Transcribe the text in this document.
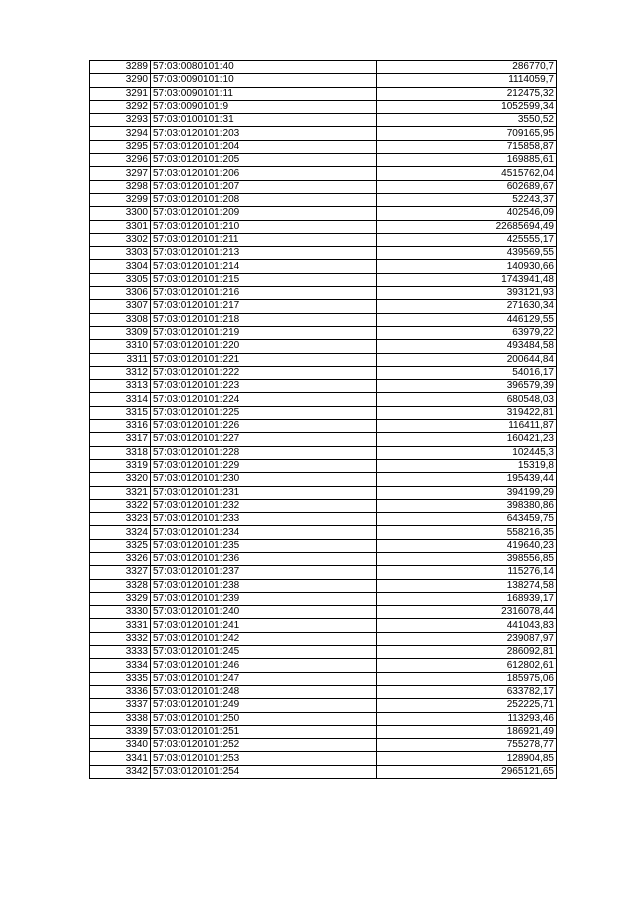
3289	57:03:0080101:40	286770,7
3290	57:03:0090101:10	1114059,7
3291	57:03:0090101:11	212475,32
3292	57:03:0090101:9	1052599,34
3293	57:03:0100101:31	3550,52
3294	57:03:0120101:203	709165,95
3295	57:03:0120101:204	715858,87
3296	57:03:0120101:205	169885,61
3297	57:03:0120101:206	4515762,04
3298	57:03:0120101:207	602689,67
3299	57:03:0120101:208	52243,37
3300	57:03:0120101:209	402546,09
3301	57:03:0120101:210	22685694,49
3302	57:03:0120101:211	425555,17
3303	57:03:0120101:213	439569,55
3304	57:03:0120101:214	140930,66
3305	57:03:0120101:215	1743941,48
3306	57:03:0120101:216	393121,93
3307	57:03:0120101:217	271630,34
3308	57:03:0120101:218	446129,55
3309	57:03:0120101:219	63979,22
3310	57:03:0120101:220	493484,58
3311	57:03:0120101:221	200644,84
3312	57:03:0120101:222	54016,17
3313	57:03:0120101:223	396579,39
3314	57:03:0120101:224	680548,03
3315	57:03:0120101:225	319422,81
3316	57:03:0120101:226	116411,87
3317	57:03:0120101:227	160421,23
3318	57:03:0120101:228	102445,3
3319	57:03:0120101:229	15319,8
3320	57:03:0120101:230	195439,44
3321	57:03:0120101:231	394199,29
3322	57:03:0120101:232	398380,86
3323	57:03:0120101:233	643459,75
3324	57:03:0120101:234	558216,35
3325	57:03:0120101:235	419640,23
3326	57:03:0120101:236	398556,85
3327	57:03:0120101:237	115276,14
3328	57:03:0120101:238	138274,58
3329	57:03:0120101:239	168939,17
3330	57:03:0120101:240	2316078,44
3331	57:03:0120101:241	441043,83
3332	57:03:0120101:242	239087,97
3333	57:03:0120101:245	286092,81
3334	57:03:0120101:246	612802,61
3335	57:03:0120101:247	185975,06
3336	57:03:0120101:248	633782,17
3337	57:03:0120101:249	252225,71
3338	57:03:0120101:250	113293,46
3339	57:03:0120101:251	186921,49
3340	57:03:0120101:252	755278,77
3341	57:03:0120101:253	128904,85
3342	57:03:0120101:254	2965121,65
